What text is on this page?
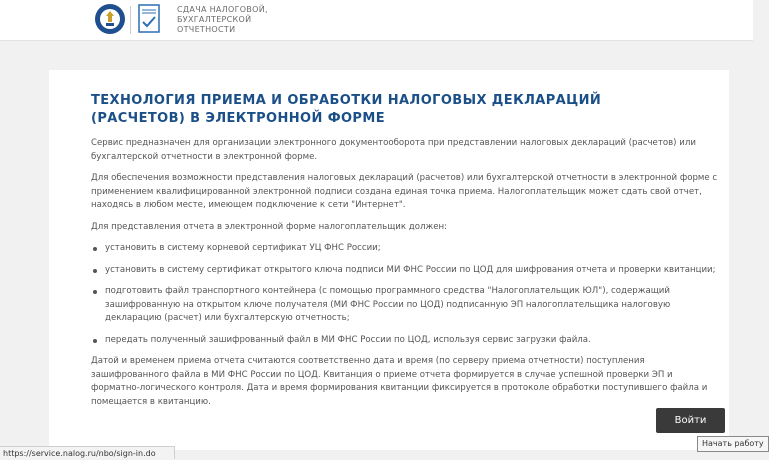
СДАЧА НАЛОГОВОЙ,
БУХГАЛТЕРСКОЙ
ОТЧЕТНОСТИ
ТЕХНОЛОГИЯ ПРИЕМА И ОБРАБОТКИ НАЛОГОВЫХ ДЕКЛАРАЦИЙ (РАСЧЕТОВ) В ЭЛЕКТРОННОЙ ФОРМЕ

Сервис предназначен для организации электронного документооборота при представлении налоговых деклараций (расчетов) или бухгалтерской отчетности в электронной форме.

Для обеспечения возможности представления налоговых деклараций (расчетов) или бухгалтерской отчетности в электронной форме с применением квалифицированной электронной подписи создана единая точка приема. Налогоплательщик может сдать свой отчет, находясь в любом месте, имеющем подключение к сети "Интернет".

Для представления отчета в электронной форме налогоплательщик должен:

установить в систему корневой сертификат УЦ ФНС России;
установить в систему сертификат открытого ключа подписи МИ ФНС России по ЦОД для шифрования отчета и проверки квитанции;
подготовить файл транспортного контейнера (с помощью программного средства "Налогоплательщик ЮЛ"), содержащий зашифрованную на открытом ключе получателя (МИ ФНС России по ЦОД) подписанную ЭП налогоплательщика налоговую декларацию (расчет) или бухгалтерскую отчетность;
передать полученный зашифрованный файл в МИ ФНС России по ЦОД, используя сервис загрузки файла.

Датой и временем приема отчета считаются соответственно дата и время (по серверу приема отчетности) поступления зашифрованного файла в МИ ФНС России по ЦОД. Квитанция о приеме отчета формируется в случае успешной проверки ЭП и форматно-логического контроля. Дата и время формирования квитанции фиксируется в протоколе обработки поступившего файла и помещается в квитанцию.

Войти
Начать работу
https://service.nalog.ru/nbo/sign-in.do
